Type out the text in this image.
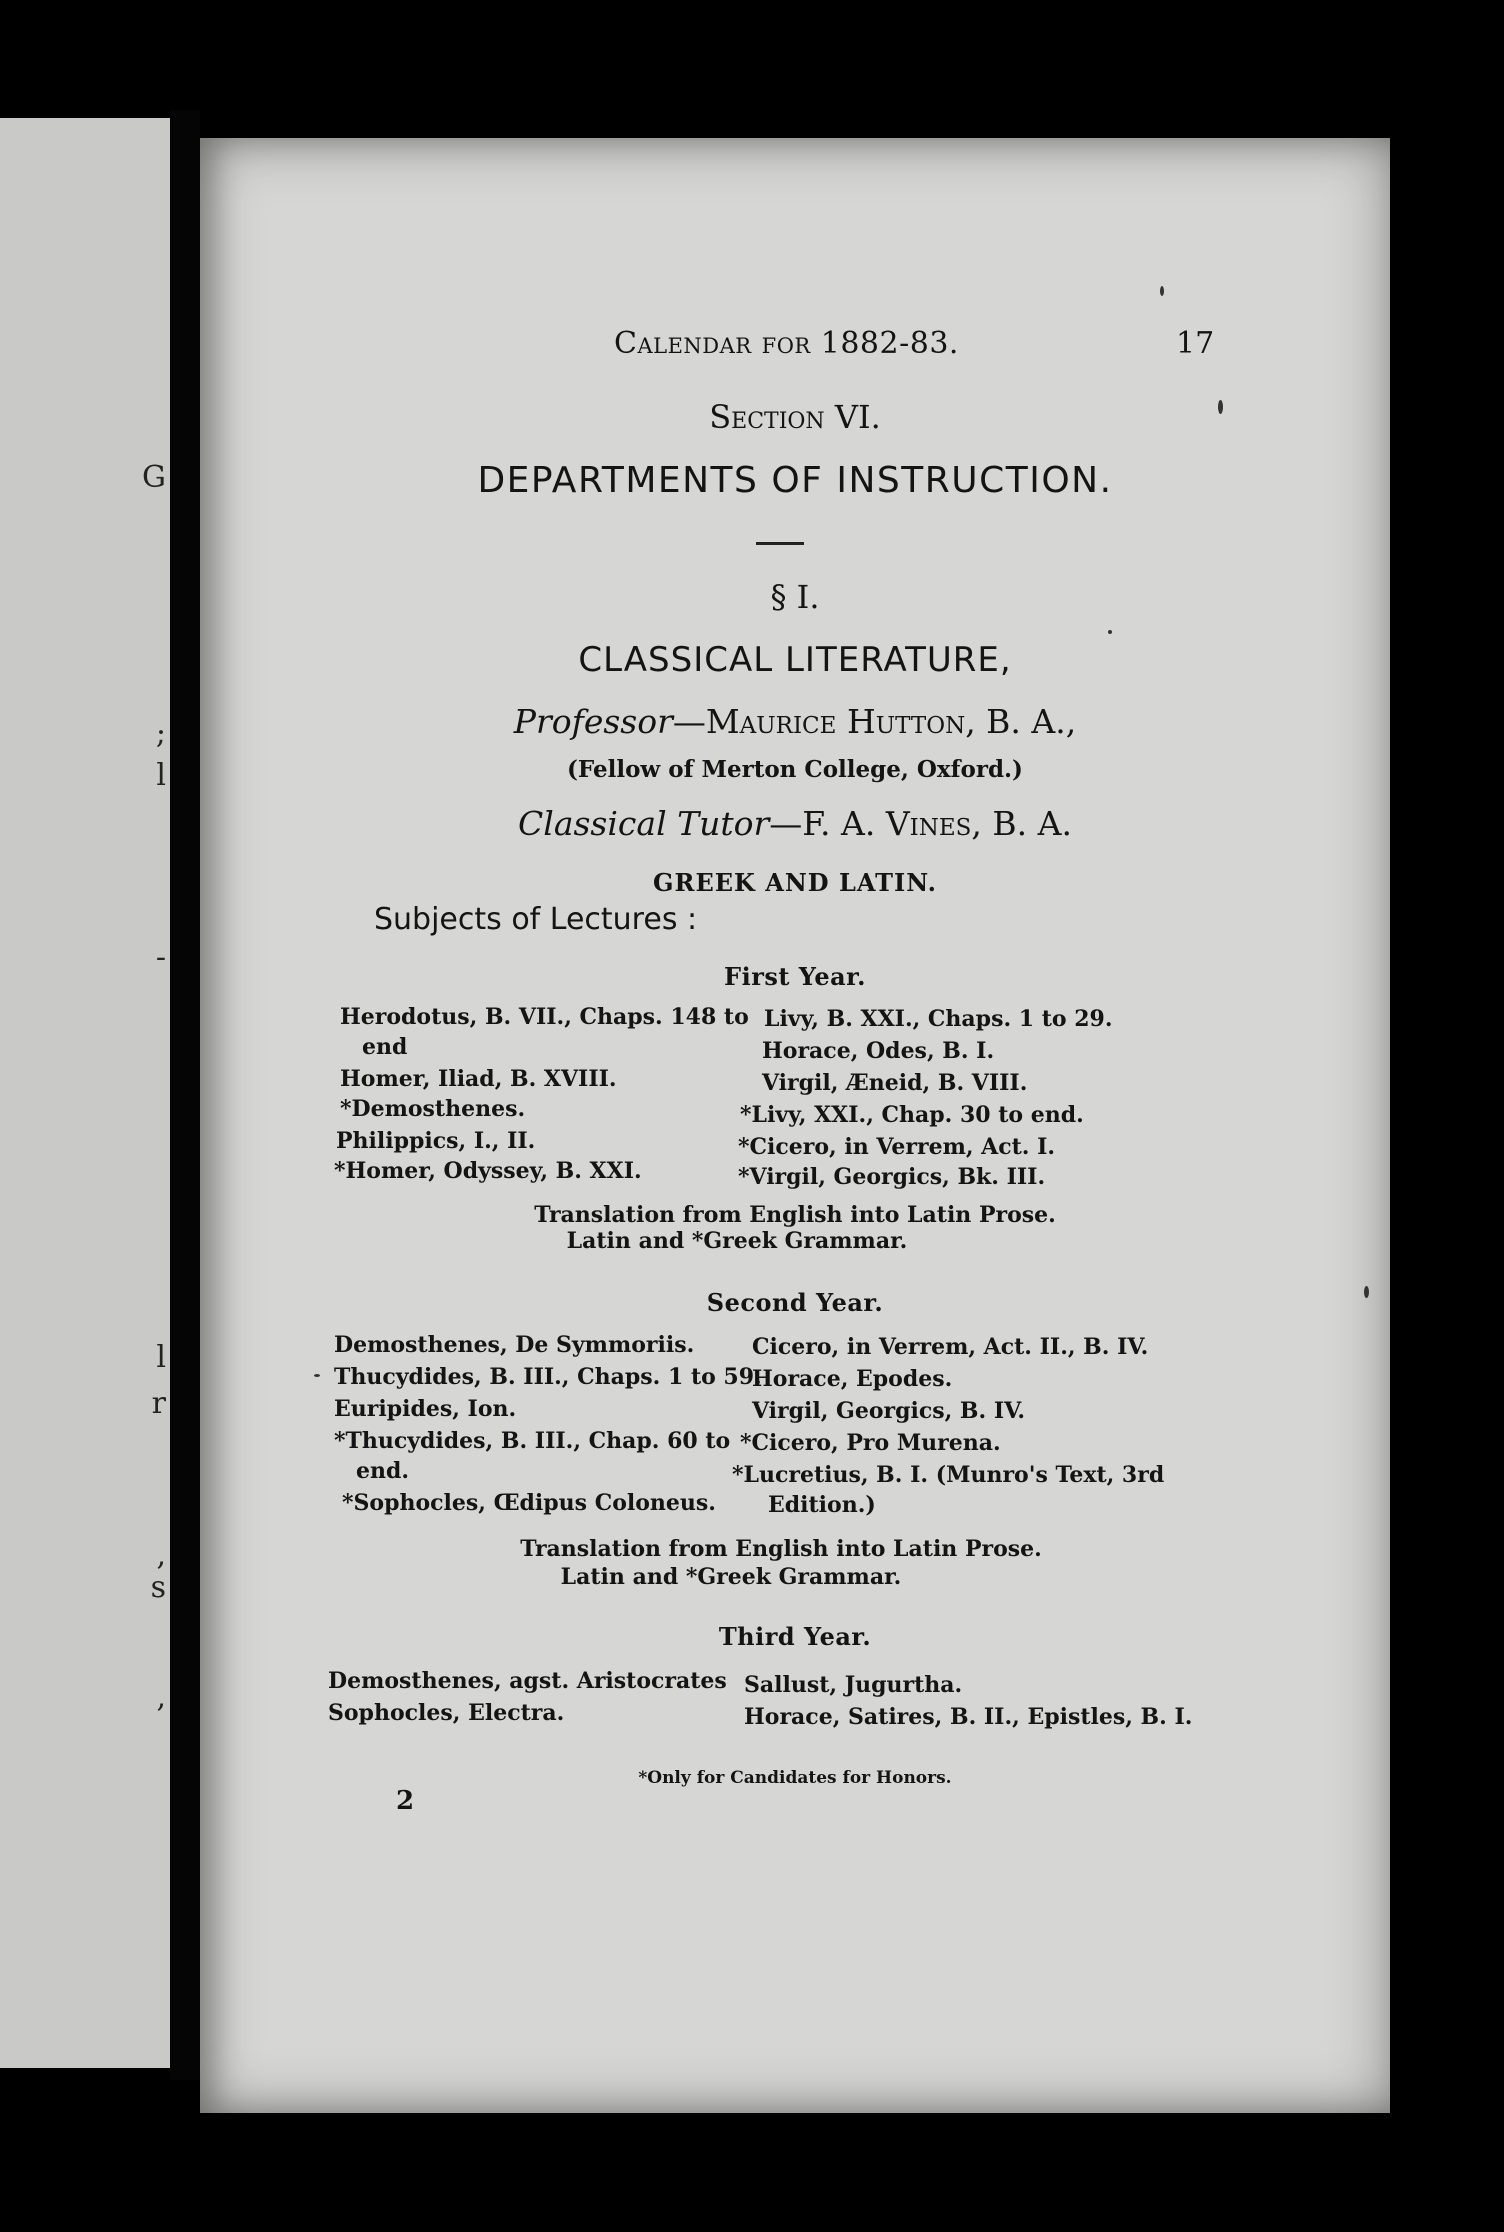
G
;
l
-
l
r
,
s
,
Calendar for 1882-83.	17
Section VI.
DEPARTMENTS OF INSTRUCTION.
§ I.
CLASSICAL LITERATURE,
Professor—Maurice Hutton, B. A.,
(Fellow of Merton College, Oxford.)
Classical Tutor—F. A. Vines, B. A.
GREEK AND LATIN.
Subjects of Lectures :
First Year.
Herodotus, B. VII., Chaps. 148 to
end
Homer, Iliad, B. XVIII.
*Demosthenes.
Philippics, I., II.
*Homer, Odyssey, B. XXI.
Livy, B. XXI., Chaps. 1 to 29.
Horace, Odes, B. I.
Virgil, Æneid, B. VIII.
*Livy, XXI., Chap. 30 to end.
*Cicero, in Verrem, Act. I.
*Virgil, Georgics, Bk. III.
Translation from English into Latin Prose.
Latin and *Greek Grammar.
Second Year.
Demosthenes, De Symmoriis.
Thucydides, B. III., Chaps. 1 to 59.
Euripides, Ion.
*Thucydides, B. III., Chap. 60 to
end.
*Sophocles, Œdipus Coloneus.
Cicero, in Verrem, Act. II., B. IV.
Horace, Epodes.
Virgil, Georgics, B. IV.
*Cicero, Pro Murena.
*Lucretius, B. I. (Munro's Text, 3rd
Edition.)
Translation from English into Latin Prose.
Latin and *Greek Grammar.
Third Year.
Demosthenes, agst. Aristocrates
Sophocles, Electra.
Sallust, Jugurtha.
Horace, Satires, B. II., Epistles, B. I.
*Only for Candidates for Honors.
2
